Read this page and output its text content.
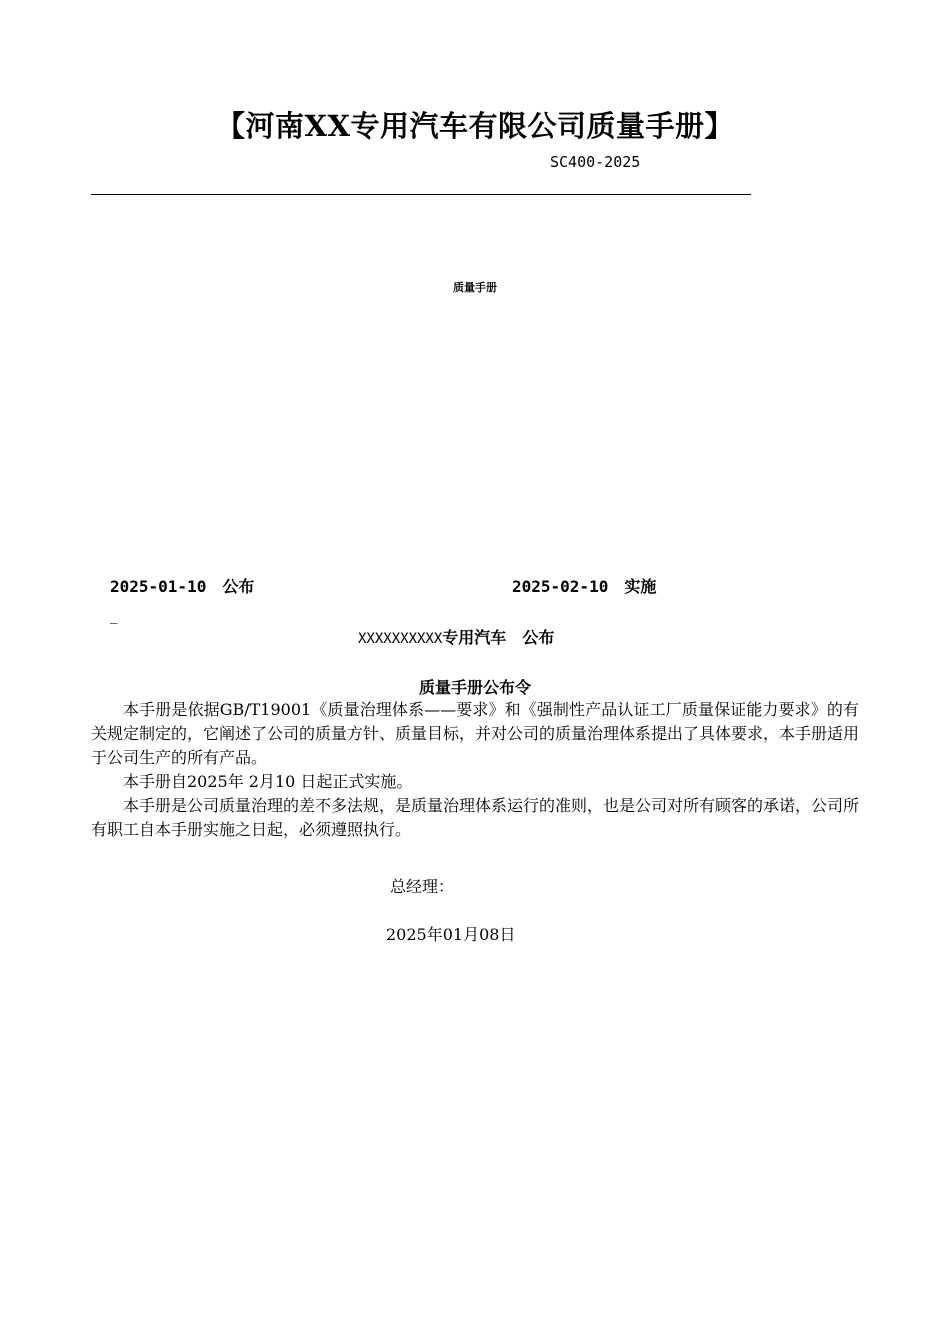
【河南XX专用汽车有限公司质量手册】
SC400-2025
质量手册
2025-01-10 公布	2025-02-10 实施
_
XXXXXXXXXX专用汽车 公布
质量手册公布令

本手册是依据GB/T19001《质量治理体系——要求》和《强制性产品认证工厂质量保证能力要求》的有关规定制定的，它阐述了公司的质量方针、质量目标，并对公司的质量治理体系提出了具体要求，本手册适用于公司生产的所有产品。

本手册自2025年 2月10 日起正式实施。

本手册是公司质量治理的差不多法规，是质量治理体系运行的准则，也是公司对所有顾客的承诺，公司所有职工自本手册实施之日起，必须遵照执行。

总经理：
2025年01月08日
